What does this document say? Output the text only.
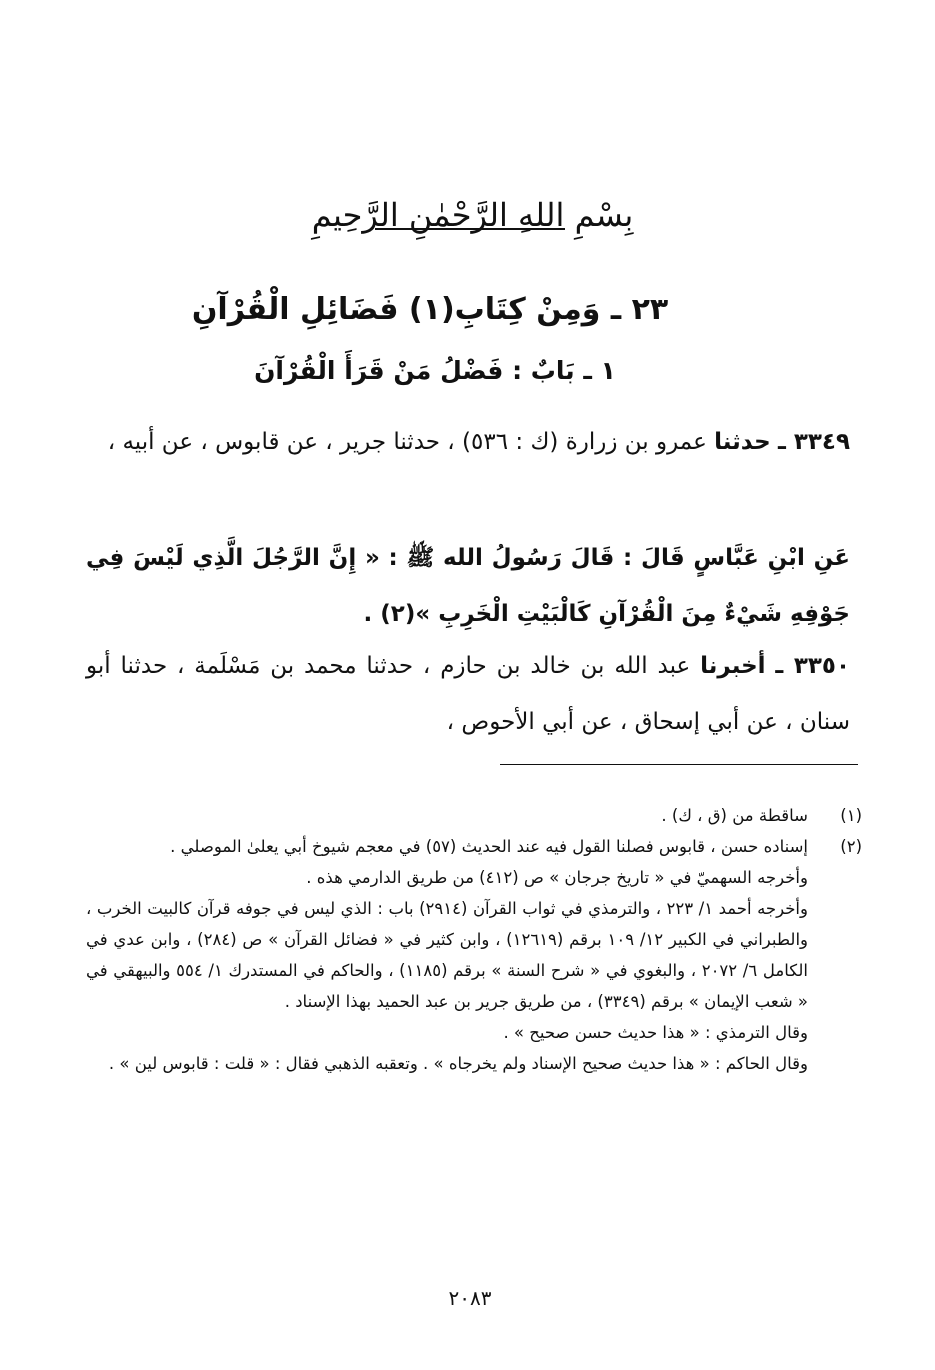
بِسْمِ اللهِ الرَّحْمٰنِ الرَّحِيمِ
٢٣ ـ وَمِنْ كِتَابِ(١) فَضَائِلِ الْقُرْآنِ
١ ـ بَابٌ : فَضْلُ مَنْ قَرَأَ الْقُرْآنَ
٣٣٤٩ ـ حدثنا عمرو بن زرارة (ك : ٥٣٦) ، حدثنا جرير ، عن قابوس ، عن أبيه ،
عَنِ ابْنِ عَبَّاسٍ قَالَ : قَالَ رَسُولُ الله ﷺ : « إِنَّ الرَّجُلَ الَّذِي لَيْسَ فِي جَوْفِهِ شَيْءٌ مِنَ الْقُرْآنِ كَالْبَيْتِ الْخَرِبِ »(٢) .
٣٣٥٠ ـ أخبرنا عبد الله بن خالد بن حازم ، حدثنا محمد بن مَسْلَمة ، حدثنا أبو سنان ، عن أبي إسحاق ، عن أبي الأحوص ،
(١)
ساقطة من (ق ، ك) .
(٢)
إسناده حسن ، قابوس فصلنا القول فيه عند الحديث (٥٧) في معجم شيوخ أبي يعلىٰ الموصلي .
وأخرجه السهميّ في « تاريخ جرجان » ص (٤١٢) من طريق الدارمي هذه .
وأخرجه أحمد ١/ ٢٢٣ ، والترمذي في ثواب القرآن (٢٩١٤) باب : الذي ليس في جوفه قرآن كالبيت الخرب ، والطبراني في الكبير ١٢/ ١٠٩ برقم (١٢٦١٩) ، وابن كثير في « فضائل القرآن » ص (٢٨٤) ، وابن عدي في الكامل ٦/ ٢٠٧٢ ، والبغوي في « شرح السنة » برقم (١١٨٥) ، والحاكم في المستدرك ١/ ٥٥٤ والبيهقي في « شعب الإيمان » برقم (٣٣٤٩) ، من طريق جرير بن عبد الحميد بهذا الإسناد .
وقال الترمذي : « هذا حديث حسن صحيح » .
وقال الحاكم : « هذا حديث صحيح الإسناد ولم يخرجاه » . وتعقبه الذهبي فقال : « قلت : قابوس لين » .
٢٠٨٣
